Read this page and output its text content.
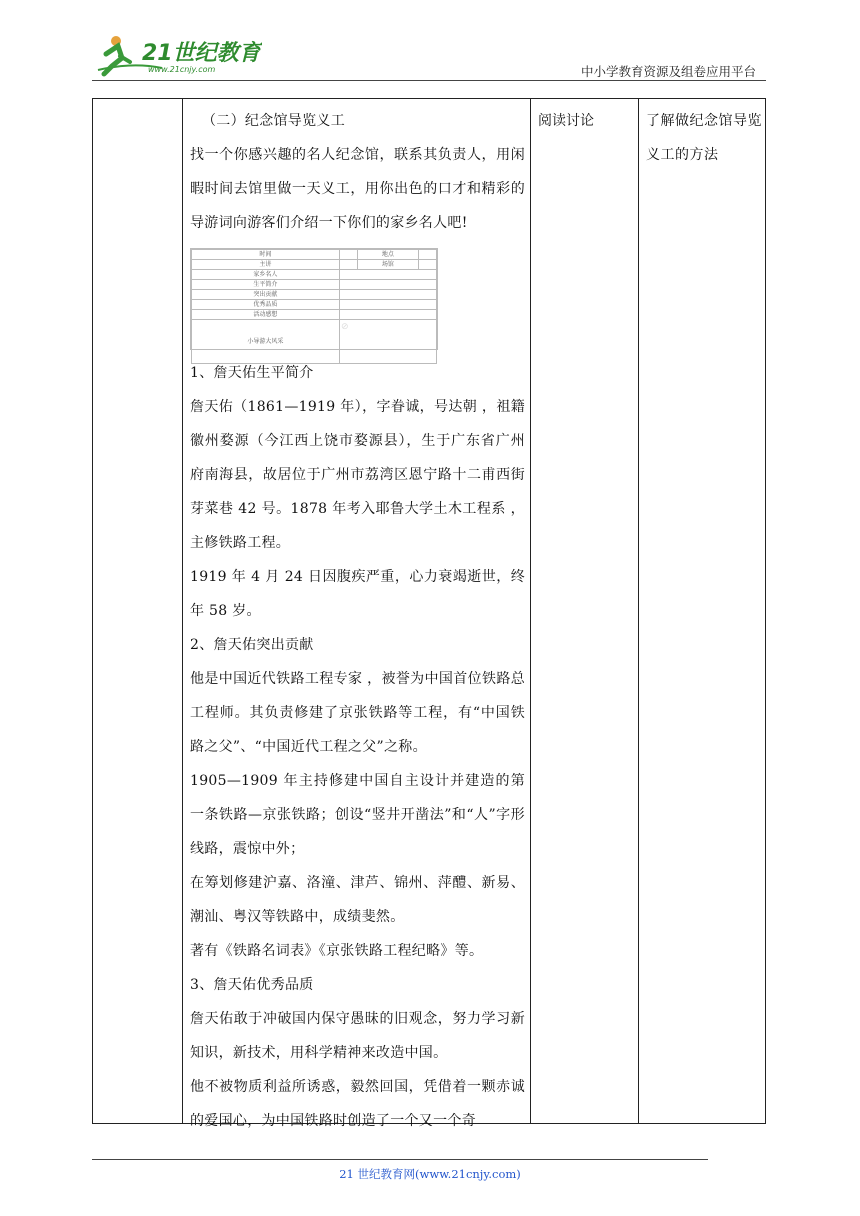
21世纪教育
www.21cnjy.com	中小学教育资源及组卷应用平台

（二）纪念馆导览义工

找一个你感兴趣的名人纪念馆，联系其负责人，用闲暇时间去馆里做一天义工，用你出色的口才和精彩的导游词向游客们介绍一下你们的家乡名人吧!

时间		地点	
主讲		场馆	
家乡名人			
生平简介			
突出贡献			
优秀品质			
活动感想			
小导游大风采			
⊘

1、詹天佑生平简介

詹天佑（1861—1919 年），字眷诚，号达朝 ，祖籍徽州婺源（今江西上饶市婺源县），生于广东省广州府南海县，故居位于广州市荔湾区恩宁路十二甫西街芽菜巷 42 号。1878 年考入耶鲁大学土木工程系 ，主修铁路工程。

1919 年 4 月 24 日因腹疾严重，心力衰竭逝世，终年 58 岁。

2、詹天佑突出贡献

他是中国近代铁路工程专家 ，被誉为中国首位铁路总工程师。其负责修建了京张铁路等工程，有“中国铁路之父”、“中国近代工程之父”之称。

1905—1909 年主持修建中国自主设计并建造的第一条铁路—京张铁路；创设“竖井开凿法”和“人”字形线路，震惊中外；

在筹划修建沪嘉、洛潼、津芦、锦州、萍醴、新易、潮汕、粤汉等铁路中，成绩斐然。

著有《铁路名词表》《京张铁路工程纪略》等。

3、詹天佑优秀品质

詹天佑敢于冲破国内保守愚昧的旧观念，努力学习新知识，新技术，用科学精神来改造中国。

他不被物质利益所诱惑，毅然回国，凭借着一颗赤诚的爱国心，为中国铁路时创造了一个又一个奇

阅读讨论	了解做纪念馆导览义工的方法
21 世纪教育网(www.21cnjy.com)
